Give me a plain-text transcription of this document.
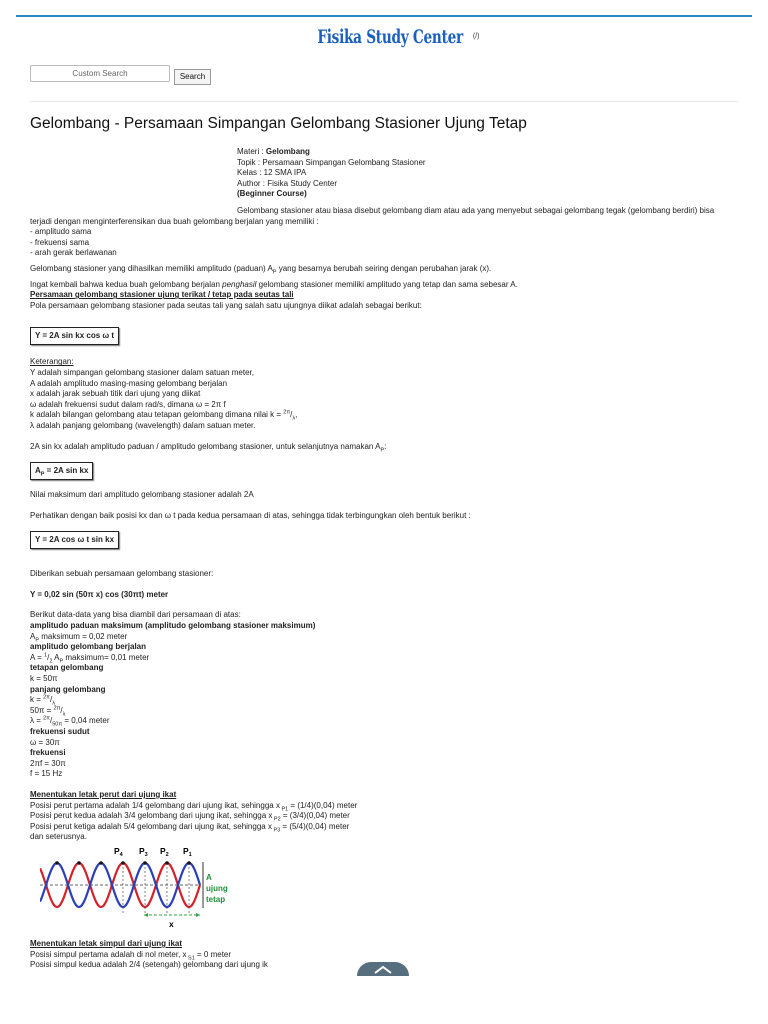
Fisika Study Center (/)
Custom Search	Search
Gelombang - Persamaan Simpangan Gelombang Stasioner Ujung Tetap
Materi : Gelombang
Topik : Persamaan Simpangan Gelombang Stasioner
Kelas : 12 SMA IPA
Author : Fisika Study Center
(Beginner Course)

Gelombang stasioner atau biasa disebut gelombang diam atau ada yang menyebut sebagai gelombang tegak (gelombang berdiri) bisa

terjadi dengan menginterferensikan dua buah gelombang berjalan yang memiliki :

- amplitudo sama

- frekuensi sama

- arah gerak berlawanan

Gelombang stasioner yang dihasilkan memiliki amplitudo (paduan) $A_P$ yang besarnya berubah seiring dengan perubahan jarak (x).

Ingat kembali bahwa kedua buah gelombang berjalan penghasil gelombang stasioner memiliki amplitudo yang tetap dan sama sebesar A.

Persamaan gelombang stasioner ujung terikat / tetap pada seutas tali

Pola persamaan gelombang stasioner pada seutas tali yang salah satu ujungnya diikat adalah sebagai berikut:

Y = 2A sin kx cos ω t

Keterangan:

Y adalah simpangan gelombang stasioner dalam satuan meter,

A adalah amplitudo masing-masing gelombang berjalan

x adalah jarak sebuah titik dari ujung yang diikat

ω adalah frekuensi sudut dalam rad/s, dimana ω = 2π f

k adalah bilangan gelombang atau tetapan gelombang dimana nilai $k = ^{2\pi}/_\lambda$,

λ adalah panjang gelombang (wavelength) dalam satuan meter.

2A sin kx adalah amplitudo paduan / amplitudo gelombang stasioner, untuk selanjutnya namakan $A_P$:

$A_P = 2A$ sin kx

Nilai maksimum dari amplitudo gelombang stasioner adalah 2A

Perhatikan dengan baik posisi kx dan ω t pada kedua persamaan di atas, sehingga tidak terbingungkan oleh bentuk berikut :

Y = 2A cos ω t sin kx

Diberikan sebuah persamaan gelombang stasioner:

Y = 0,02 sin (50π x) cos (30πt) meter

Berikut data-data yang bisa diambil dari persamaan di atas:

amplitudo paduan maksimum (amplitudo gelombang stasioner maksimum)

$A_P$ maksimum = 0,02 meter

amplitudo gelombang berjalan

$A = ^1/_2$ $A_P$ maksimum= 0,01 meter

tetapan gelombang

k = 50π

panjang gelombang

$k = ^{2\pi}/_\lambda$

$50\pi = ^{2\pi}/_\lambda$

$\lambda = ^{2\pi}/_{50\pi} = 0,04$ meter

frekuensi sudut

ω = 30π

frekuensi

2πf = 30π

f = 15 Hz

Menentukan letak perut dari ujung ikat

Posisi perut pertama adalah 1/4 gelombang dari ujung ikat, sehingga x $_{P1}$ = (1/4)(0,04) meter

Posisi perut kedua adalah 3/4 gelombang dari ujung ikat, sehingga x $_{P2}$ = (3/4)(0,04) meter

Posisi perut ketiga adalah 5/4 gelombang dari ujung ikat, sehingga x $_{P3}$ = (5/4)(0,04) meter

dan seterusnya.

$P_4$ $P_3$ $P_2$ $P_1$
A
ujung
tetap
x

Menentukan letak simpul dari ujung ikat

Posisi simpul pertama adalah di nol meter, x $_{S1}$ = 0 meter

Posisi simpul kedua adalah 2/4 (setengah) gelombang dari ujung ik
